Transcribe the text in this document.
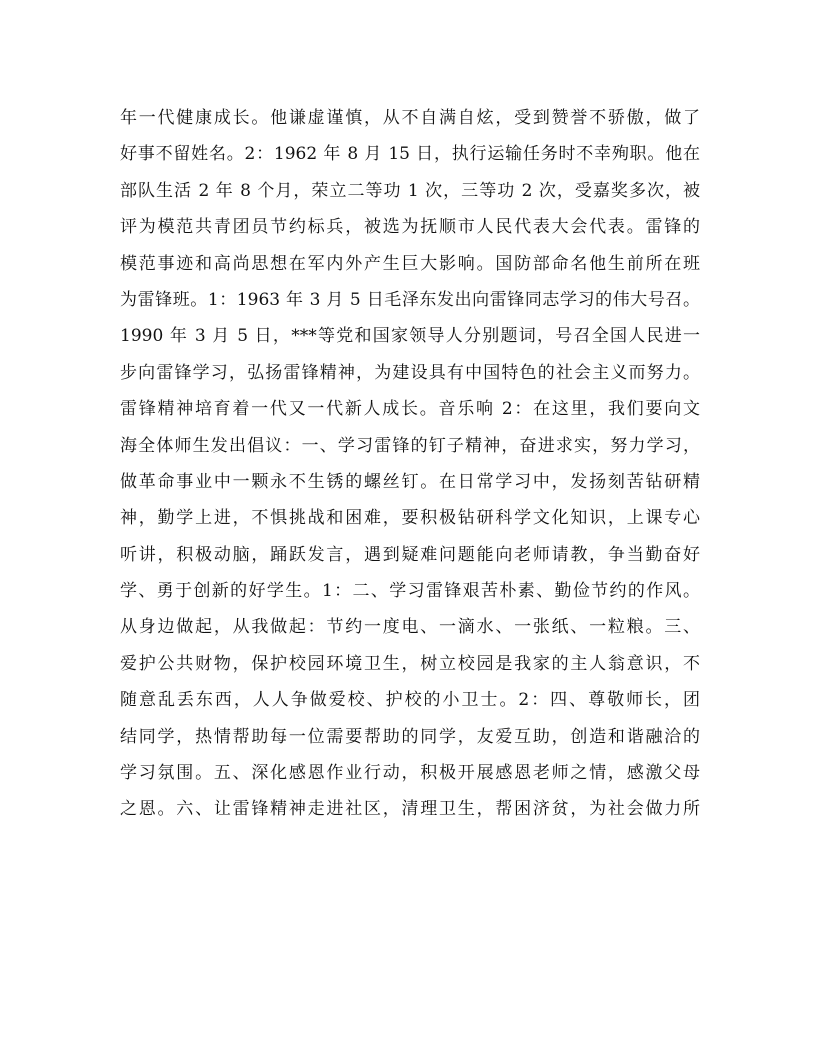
年一代健康成长。他谦虚谨慎，从不自满自炫，受到赞誉不骄傲，做了
好事不留姓名。2：1962 年 8 月 15 日，执行运输任务时不幸殉职。他在
部队生活 2 年 8 个月，荣立二等功 1 次，三等功 2 次，受嘉奖多次，被
评为模范共青团员节约标兵，被选为抚顺市人民代表大会代表。雷锋的
模范事迹和高尚思想在军内外产生巨大影响。国防部命名他生前所在班
为雷锋班。1：1963 年 3 月 5 日毛泽东发出向雷锋同志学习的伟大号召。
1990 年 3 月 5 日，***等党和国家领导人分别题词，号召全国人民进一
步向雷锋学习，弘扬雷锋精神，为建设具有中国特色的社会主义而努力。
雷锋精神培育着一代又一代新人成长。音乐响 2：在这里，我们要向文
海全体师生发出倡议：一、学习雷锋的钉子精神，奋进求实，努力学习，
做革命事业中一颗永不生锈的螺丝钉。在日常学习中，发扬刻苦钻研精
神，勤学上进，不惧挑战和困难，要积极钻研科学文化知识，上课专心
听讲，积极动脑，踊跃发言，遇到疑难问题能向老师请教，争当勤奋好
学、勇于创新的好学生。1：二、学习雷锋艰苦朴素、勤俭节约的作风。
从身边做起，从我做起：节约一度电、一滴水、一张纸、一粒粮。三、
爱护公共财物，保护校园环境卫生，树立校园是我家的主人翁意识，不
随意乱丢东西，人人争做爱校、护校的小卫士。2：四、尊敬师长，团
结同学，热情帮助每一位需要帮助的同学，友爱互助，创造和谐融洽的
学习氛围。五、深化感恩作业行动，积极开展感恩老师之情，感激父母
之恩。六、让雷锋精神走进社区，清理卫生，帮困济贫，为社会做力所
